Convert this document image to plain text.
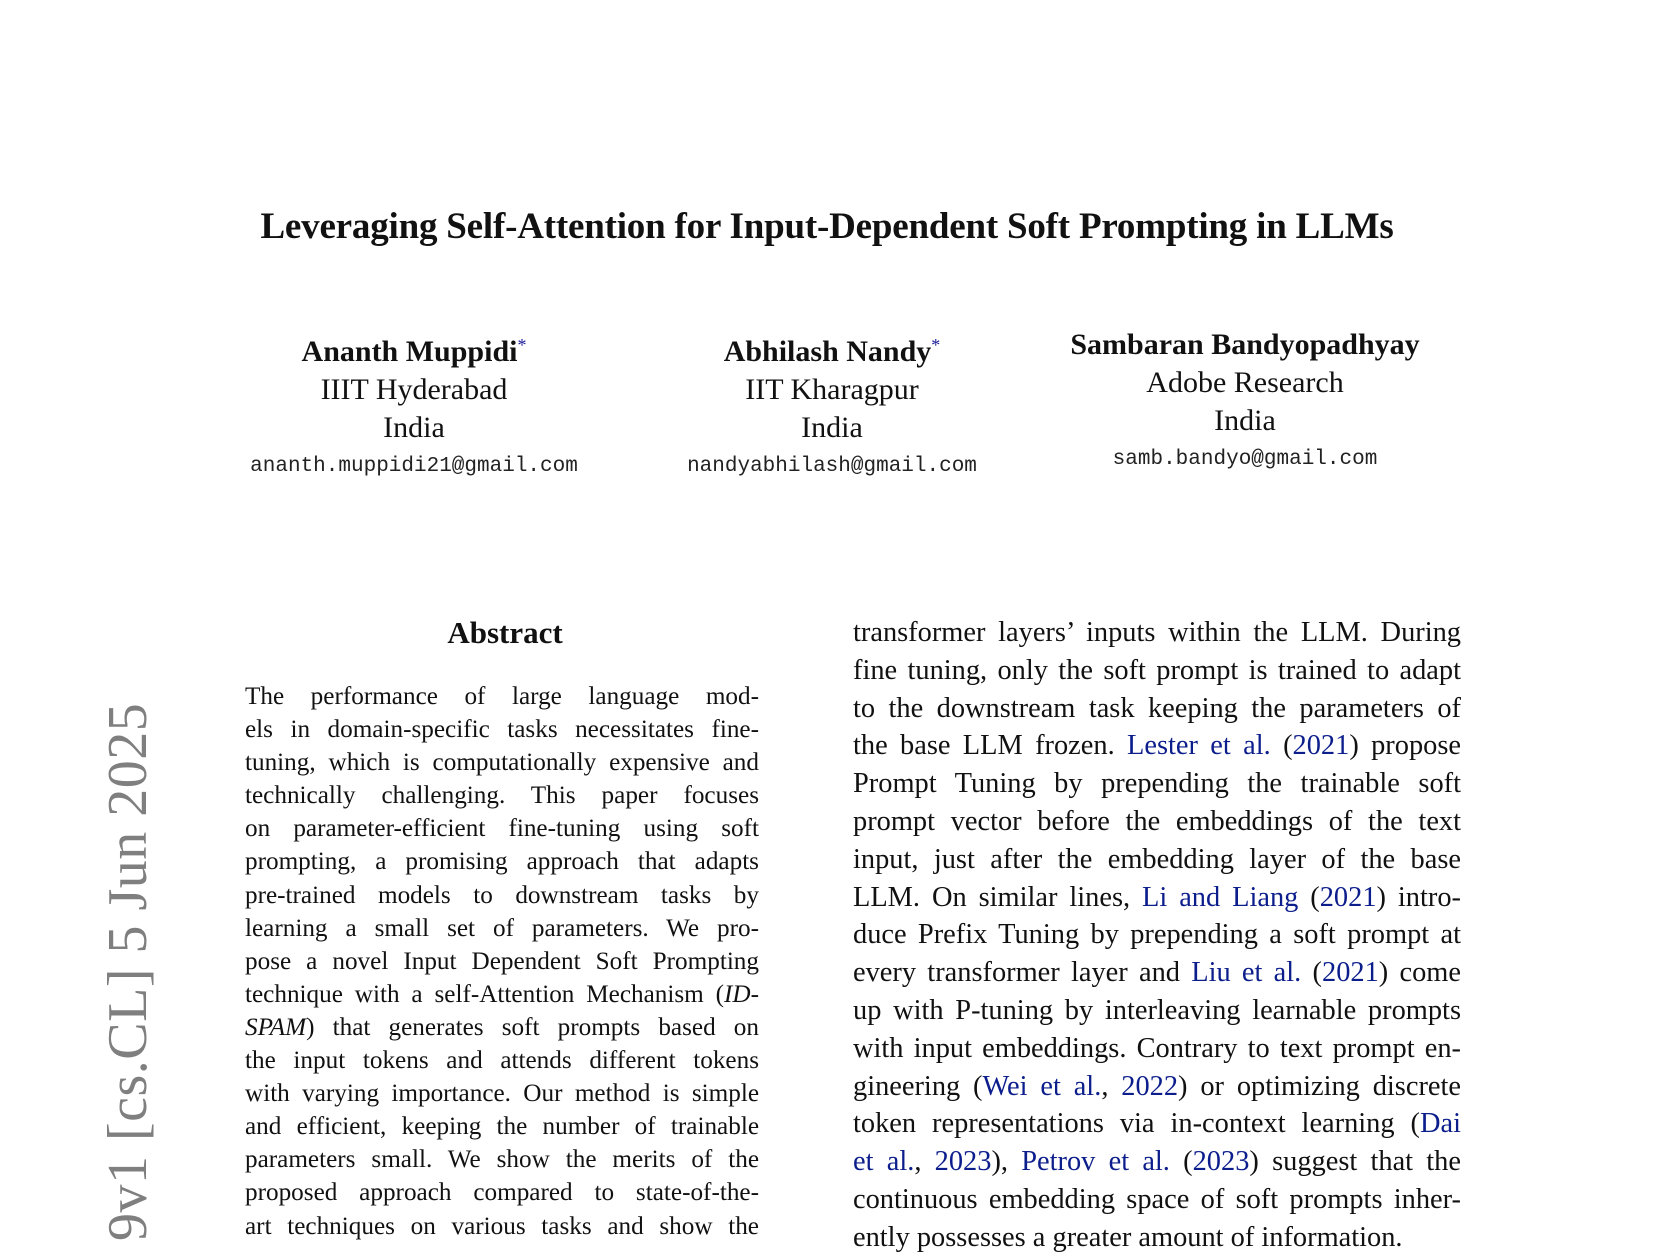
9v1 [cs.CL] 5 Jun 2025
Leveraging Self-Attention for Input-Dependent Soft Prompting in LLMs
Ananth Muppidi*
IIIT Hyderabad
India
ananth.muppidi21@gmail.com
Abhilash Nandy*
IIT Kharagpur
India
nandyabhilash@gmail.com
Sambaran Bandyopadhyay
Adobe Research
India
samb.bandyo@gmail.com
Abstract
The performance of large language mod-
els in domain-specific tasks necessitates fine-
tuning, which is computationally expensive and
technically challenging. This paper focuses
on parameter-efficient fine-tuning using soft
prompting, a promising approach that adapts
pre-trained models to downstream tasks by
learning a small set of parameters. We pro-
pose a novel Input Dependent Soft Prompting
technique with a self-Attention Mechanism (ID-
SPAM) that generates soft prompts based on
the input tokens and attends different tokens
with varying importance. Our method is simple
and efficient, keeping the number of trainable
parameters small. We show the merits of the
proposed approach compared to state-of-the-
art techniques on various tasks and show the
transformer layers’ inputs within the LLM. During
fine tuning, only the soft prompt is trained to adapt
to the downstream task keeping the parameters of
the base LLM frozen. Lester et al. (2021) propose
Prompt Tuning by prepending the trainable soft
prompt vector before the embeddings of the text
input, just after the embedding layer of the base
LLM. On similar lines, Li and Liang (2021) intro-
duce Prefix Tuning by prepending a soft prompt at
every transformer layer and Liu et al. (2021) come
up with P-tuning by interleaving learnable prompts
with input embeddings. Contrary to text prompt en-
gineering (Wei et al., 2022) or optimizing discrete
token representations via in-context learning (Dai
et al., 2023), Petrov et al. (2023) suggest that the
continuous embedding space of soft prompts inher-
ently possesses a greater amount of information.
